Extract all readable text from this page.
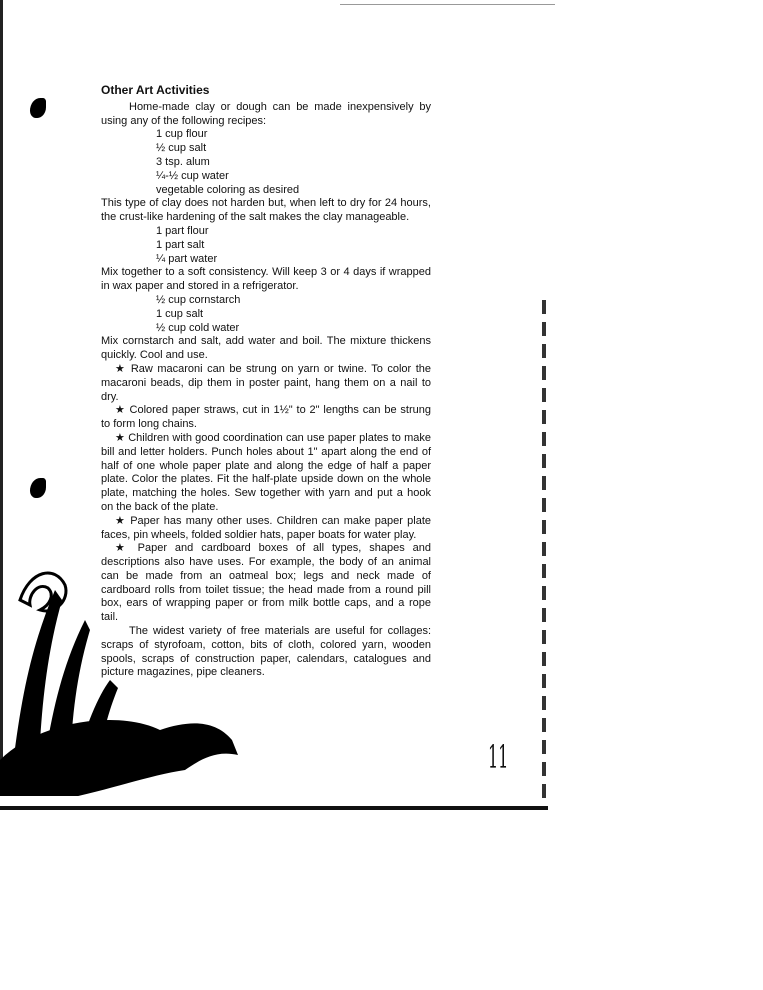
Other Art Activities

Home-made clay or dough can be made inexpensively by using any of the following recipes:

1 cup flour
½ cup salt
3 tsp. alum
¼-½ cup water
vegetable coloring as desired

This type of clay does not harden but, when left to dry for 24 hours, the crust-like hardening of the salt makes the clay manageable.

1 part flour
1 part salt
¼ part water

Mix together to a soft consistency. Will keep 3 or 4 days if wrapped in wax paper and stored in a refrigerator.

½ cup cornstarch
1 cup salt
½ cup cold water

Mix cornstarch and salt, add water and boil. The mixture thickens quickly. Cool and use.

★ Raw macaroni can be strung on yarn or twine. To color the macaroni beads, dip them in poster paint, hang them on a nail to dry.

★ Colored paper straws, cut in 1½" to 2" lengths can be strung to form long chains.

★ Children with good coordination can use paper plates to make bill and letter holders. Punch holes about 1" apart along the end of half of one whole paper plate and along the edge of half a paper plate. Color the plates. Fit the half-plate upside down on the whole plate, matching the holes. Sew together with yarn and put a hook on the back of the plate.

★ Paper has many other uses. Children can make paper plate faces, pin wheels, folded soldier hats, paper boats for water play.

★ Paper and cardboard boxes of all types, shapes and descriptions also have uses. For example, the body of an animal can be made from an oatmeal box; legs and neck made of cardboard rolls from toilet tissue; the head made from a round pill box, ears of wrapping paper or from milk bottle caps, and a rope tail.

The widest variety of free materials are useful for collages: scraps of styrofoam, cotton, bits of cloth, colored yarn, wooden spools, scraps of construction paper, calendars, catalogues and picture magazines, pipe cleaners.

11
